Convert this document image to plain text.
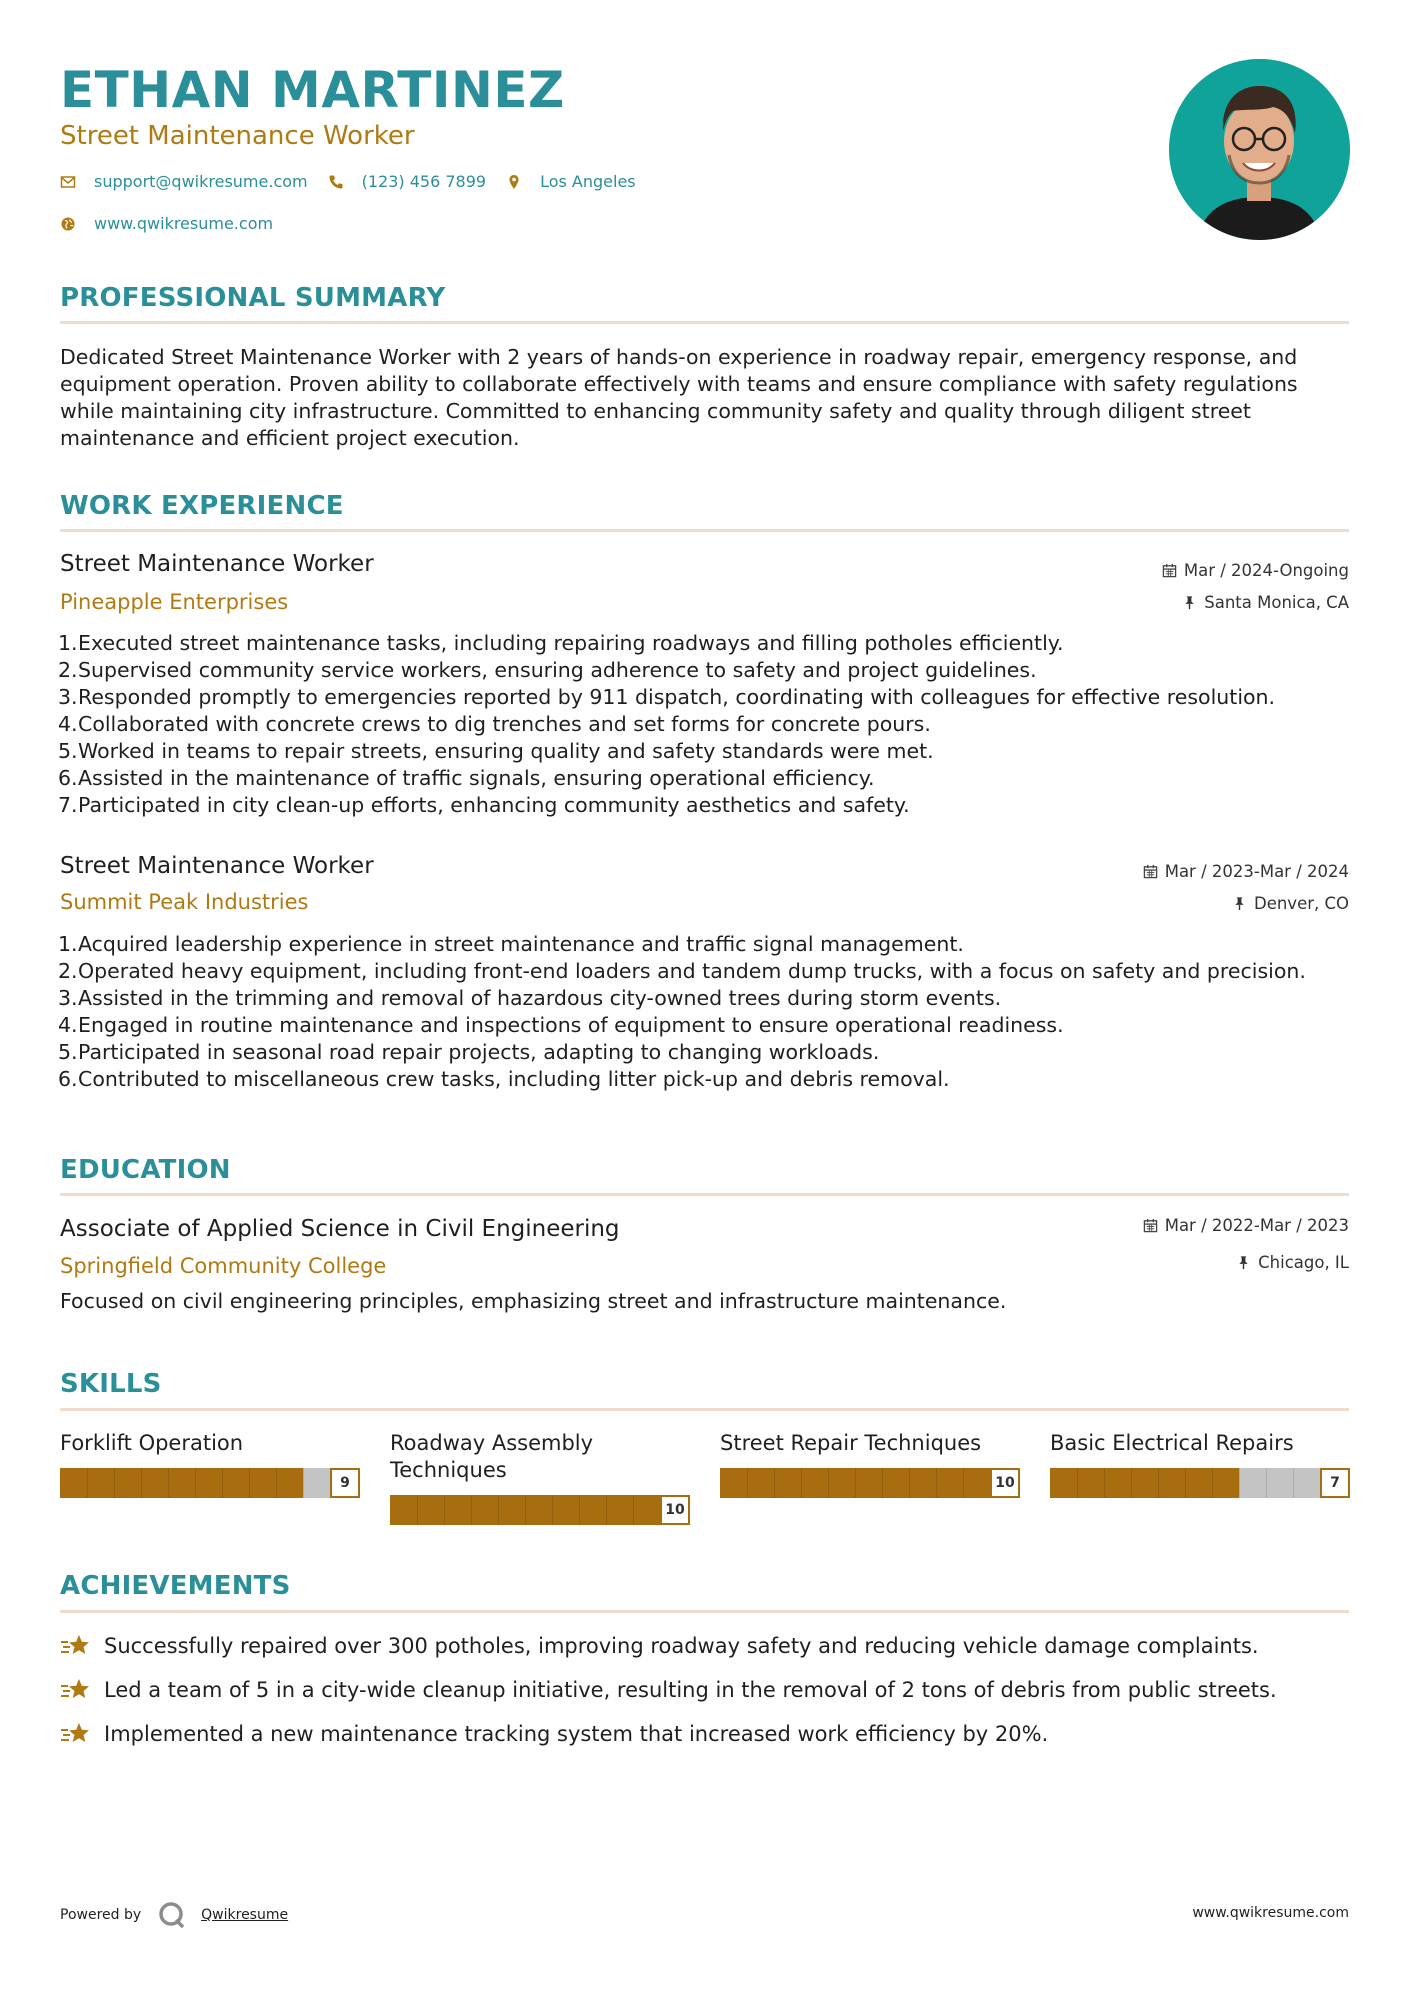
ETHAN MARTINEZ
Street Maintenance Worker
support@qwikresume.com	(123) 456 7899	Los Angeles
www.qwikresume.com
PROFESSIONAL SUMMARY
Dedicated Street Maintenance Worker with 2 years of hands-on experience in roadway repair, emergency response, and
equipment operation. Proven ability to collaborate effectively with teams and ensure compliance with safety regulations
while maintaining city infrastructure. Committed to enhancing community safety and quality through diligent street
maintenance and efficient project execution.
WORK EXPERIENCE
Street Maintenance Worker
Pineapple Enterprises
Mar / 2024-Ongoing
Santa Monica, CA
1. Executed street maintenance tasks, including repairing roadways and filling potholes efficiently.
2. Supervised community service workers, ensuring adherence to safety and project guidelines.
3. Responded promptly to emergencies reported by 911 dispatch, coordinating with colleagues for effective resolution.
4. Collaborated with concrete crews to dig trenches and set forms for concrete pours.
5. Worked in teams to repair streets, ensuring quality and safety standards were met.
6. Assisted in the maintenance of traffic signals, ensuring operational efficiency.
7. Participated in city clean-up efforts, enhancing community aesthetics and safety.
Street Maintenance Worker
Summit Peak Industries
Mar / 2023-Mar / 2024
Denver, CO
1. Acquired leadership experience in street maintenance and traffic signal management.
2. Operated heavy equipment, including front-end loaders and tandem dump trucks, with a focus on safety and precision.
3. Assisted in the trimming and removal of hazardous city-owned trees during storm events.
4. Engaged in routine maintenance and inspections of equipment to ensure operational readiness.
5. Participated in seasonal road repair projects, adapting to changing workloads.
6. Contributed to miscellaneous crew tasks, including litter pick-up and debris removal.
EDUCATION
Associate of Applied Science in Civil Engineering
Springfield Community College
Mar / 2022-Mar / 2023
Chicago, IL
Focused on civil engineering principles, emphasizing street and infrastructure maintenance.
SKILLS
Forklift Operation
9
Roadway Assembly
Techniques
10
Street Repair Techniques
10
Basic Electrical Repairs
7
ACHIEVEMENTS
Successfully repaired over 300 potholes, improving roadway safety and reducing vehicle damage complaints.
Led a team of 5 in a city-wide cleanup initiative, resulting in the removal of 2 tons of debris from public streets.
Implemented a new maintenance tracking system that increased work efficiency by 20%.
Powered by	Qwikresume	www.qwikresume.com
